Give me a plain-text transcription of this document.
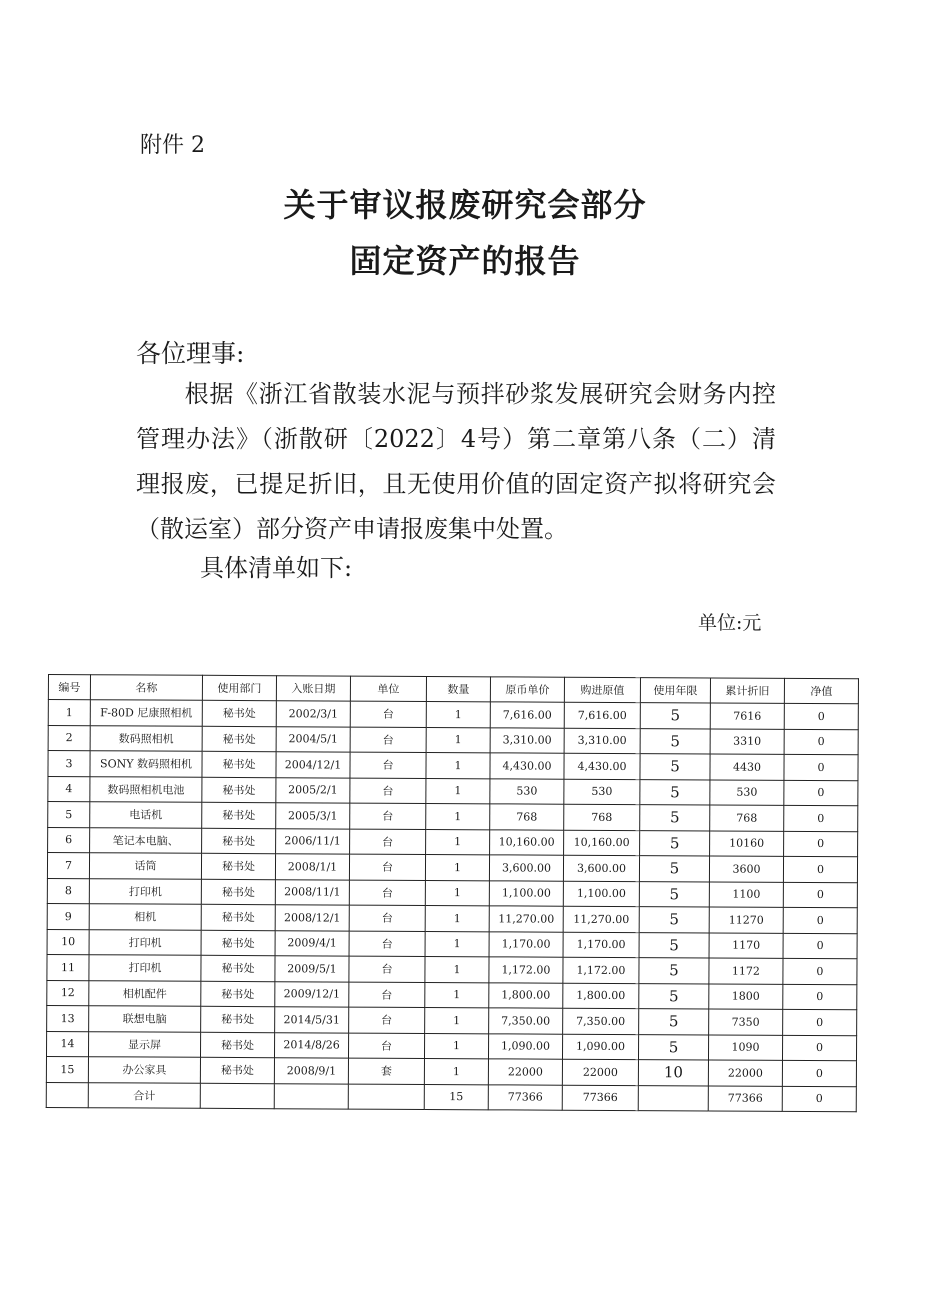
附件 2
关于审议报废研究会部分
固定资产的报告
各位理事:
根据《浙江省散装水泥与预拌砂浆发展研究会财务内控管理办法》（浙散研〔2022〕4号）第二章第八条（二）清理报废，已提足折旧，且无使用价值的固定资产拟将研究会（散运室）部分资产申请报废集中处置。
具体清单如下:
单位:元
编号	名称	使用部门	入账日期	单位	数量	原币单价	购进原值	使用年限	累计折旧	净值
1	F-80D 尼康照相机	秘书处	2002/3/1	台	1	7,616.00	7,616.00	5	7616	0
2	数码照相机	秘书处	2004/5/1	台	1	3,310.00	3,310.00	5	3310	0
3	SONY 数码照相机	秘书处	2004/12/1	台	1	4,430.00	4,430.00	5	4430	0
4	数码照相机电池	秘书处	2005/2/1	台	1	530	530	5	530	0
5	电话机	秘书处	2005/3/1	台	1	768	768	5	768	0
6	笔记本电脑、	秘书处	2006/11/1	台	1	10,160.00	10,160.00	5	10160	0
7	话筒	秘书处	2008/1/1	台	1	3,600.00	3,600.00	5	3600	0
8	打印机	秘书处	2008/11/1	台	1	1,100.00	1,100.00	5	1100	0
9	相机	秘书处	2008/12/1	台	1	11,270.00	11,270.00	5	11270	0
10	打印机	秘书处	2009/4/1	台	1	1,170.00	1,170.00	5	1170	0
11	打印机	秘书处	2009/5/1	台	1	1,172.00	1,172.00	5	1172	0
12	相机配件	秘书处	2009/12/1	台	1	1,800.00	1,800.00	5	1800	0
13	联想电脑	秘书处	2014/5/31	台	1	7,350.00	7,350.00	5	7350	0
14	显示屏	秘书处	2014/8/26	台	1	1,090.00	1,090.00	5	1090	0
15	办公家具	秘书处	2008/9/1	套	1	22000	22000	10	22000	0
	合计				15	77366	77366		77366	0
